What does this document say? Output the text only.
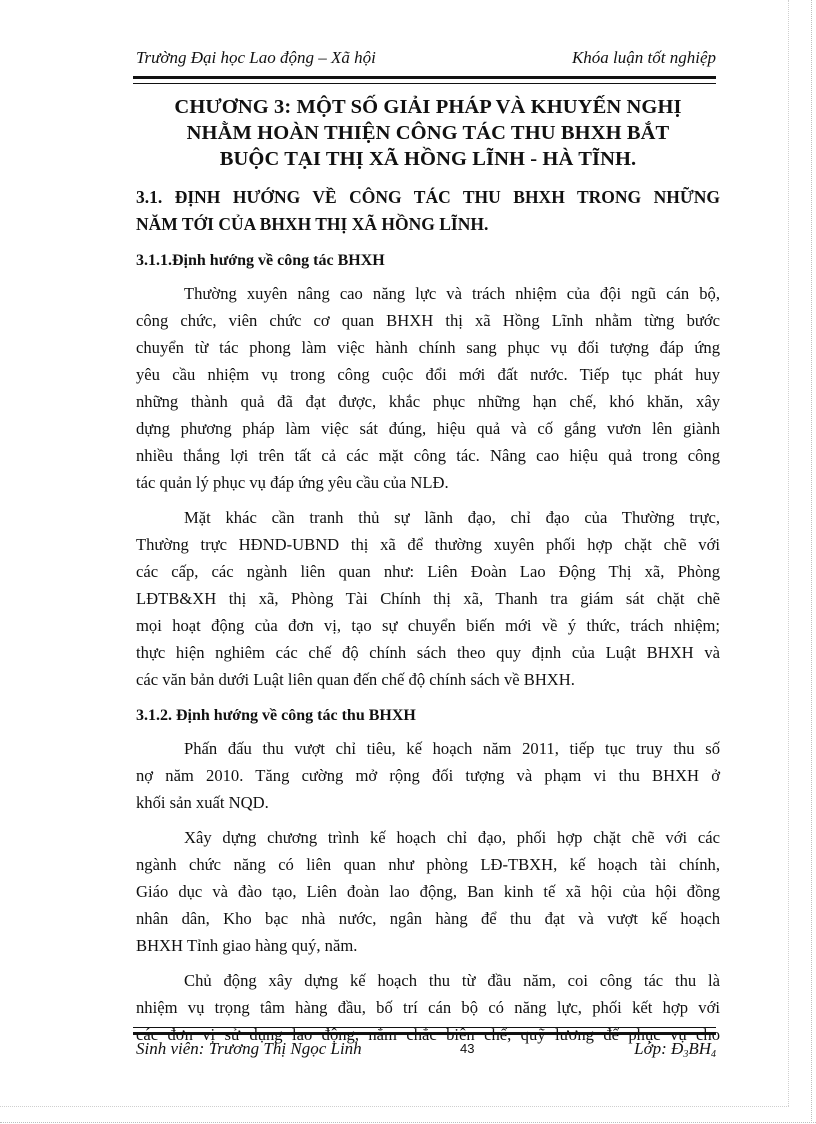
Trường Đại học Lao động – Xã hội	Khóa luận tốt nghiệp
CHƯƠNG 3: MỘT SỐ GIẢI PHÁP VÀ KHUYẾN NGHỊ
NHẰM HOÀN THIỆN CÔNG TÁC THU BHXH BẮT
BUỘC TẠI THỊ XÃ HỒNG LĨNH - HÀ TĨNH.
3.1. ĐỊNH HƯỚNG VỀ CÔNG TÁC THU BHXH TRONG NHỮNG
NĂM TỚI CỦA BHXH THỊ XÃ HỒNG LĨNH.
3.1.1.Định hướng về công tác BHXH
Thường xuyên nâng cao năng lực và trách nhiệm của đội ngũ cán bộ,
công chức, viên chức cơ quan BHXH thị xã Hồng Lĩnh nhằm từng bước
chuyển từ tác phong làm việc hành chính sang phục vụ đối tượng đáp ứng
yêu cầu nhiệm vụ trong công cuộc đổi mới đất nước. Tiếp tục phát huy
những thành quả đã đạt được, khắc phục những hạn chế, khó khăn, xây
dựng phương pháp làm việc sát đúng, hiệu quả và cố gắng vươn lên giành
nhiều thắng lợi trên tất cả các mặt công tác. Nâng cao hiệu quả trong công
tác quản lý phục vụ đáp ứng yêu cầu của NLĐ.
Mặt khác cần tranh thủ sự lãnh đạo, chỉ đạo của Thường trực,
Thường trực HĐND-UBND thị xã để thường xuyên phối hợp chặt chẽ với
các cấp, các ngành liên quan như: Liên Đoàn Lao Động Thị xã, Phòng
LĐTB&XH thị xã, Phòng Tài Chính thị xã, Thanh tra giám sát chặt chẽ
mọi hoạt động của đơn vị, tạo sự chuyển biến mới về ý thức, trách nhiệm;
thực hiện nghiêm các chế độ chính sách theo quy định của Luật BHXH và
các văn bản dưới Luật liên quan đến chế độ chính sách về BHXH.
3.1.2. Định hướng về công tác thu BHXH
Phấn đấu thu vượt chỉ tiêu, kế hoạch năm 2011, tiếp tục truy thu số
nợ năm 2010. Tăng cường mở rộng đối tượng và phạm vi thu BHXH ở
khối sản xuất NQD.
Xây dựng chương trình kế hoạch chỉ đạo, phối hợp chặt chẽ với các
ngành chức năng có liên quan như phòng LĐ-TBXH, kế hoạch tài chính,
Giáo dục và đào tạo, Liên đoàn lao động, Ban kinh tế xã hội của hội đồng
nhân dân, Kho bạc nhà nước, ngân hàng để thu đạt và vượt kế hoạch
BHXH Tỉnh giao hàng quý, năm.
Chủ động xây dựng kế hoạch thu từ đầu năm, coi công tác thu là
nhiệm vụ trọng tâm hàng đầu, bố trí cán bộ có năng lực, phối kết hợp với
các đơn vị sử dụng lao động, nắm chắc biên chế, quỹ lương để phục vụ cho
Sinh viên: Trương Thị Ngọc Linh	43	Lớp: $Đ_3BH_4$
